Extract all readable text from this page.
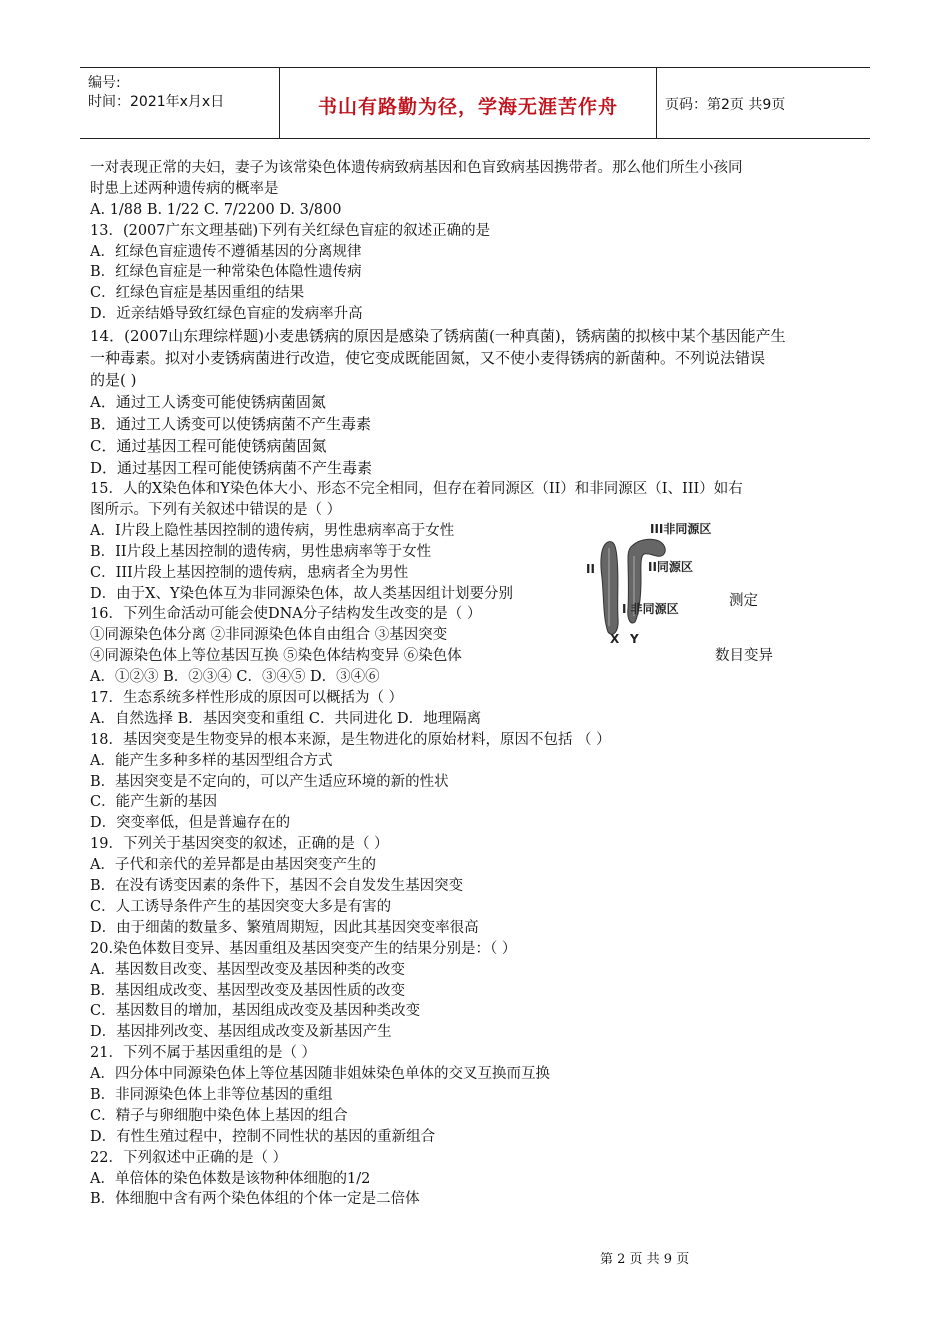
编号:
时间：2021年x月x日	书山有路勤为径，学海无涯苦作舟	页码：第2页 共9页
一对表现正常的夫妇，妻子为该常染色体遗传病致病基因和色盲致病基因携带者。那么他们所生小孩同
时患上述两种遗传病的概率是
A. 1/88 B. 1/22 C. 7/2200 D. 3/800
13．(2007广东文理基础)下列有关红绿色盲症的叙述正确的是
A．红绿色盲症遗传不遵循基因的分离规律
B．红绿色盲症是一种常染色体隐性遗传病
C．红绿色盲症是基因重组的结果
D．近亲结婚导致红绿色盲症的发病率升高
14．(2007山东理综样题)小麦患锈病的原因是感染了锈病菌(一种真菌)，锈病菌的拟核中某个基因能产生
一种毒素。拟对小麦锈病菌进行改造，使它变成既能固氮，又不使小麦得锈病的新菌种。不列说法错误
的是( )
A．通过工人诱变可能使锈病菌固氮
B．通过工人诱变可以使锈病菌不产生毒素
C．通过基因工程可能使锈病菌固氮
D．通过基因工程可能使锈病菌不产生毒素
15．人的X染色体和Y染色体大小、形态不完全相同，但存在着同源区（II）和非同源区（I、III）如右
图所示。下列有关叙述中错误的是（ ）
A．I片段上隐性基因控制的遗传病，男性患病率高于女性
B．II片段上基因控制的遗传病，男性患病率等于女性
C．III片段上基因控制的遗传病，患病者全为男性
D．由于X、Y染色体互为非同源染色体，故人类基因组计划要分别
16．下列生命活动可能会使DNA分子结构发生改变的是（ ）
①同源染色体分离 ②非同源染色体自由组合 ③基因突变
④同源染色体上等位基因互换 ⑤染色体结构变异 ⑥染色体	数目变异
A．①②③ B．②③④ C．③④⑤ D．③④⑥
17．生态系统多样性形成的原因可以概括为（ ）
A．自然选择 B．基因突变和重组 C．共同进化 D．地理隔离
18．基因突变是生物变异的根本来源，是生物进化的原始材料，原因不包括 （ ）
A．能产生多种多样的基因型组合方式
B．基因突变是不定向的，可以产生适应环境的新的性状
C．能产生新的基因
D．突变率低，但是普遍存在的
19．下列关于基因突变的叙述，正确的是（ ）
A．子代和亲代的差异都是由基因突变产生的
B．在没有诱变因素的条件下，基因不会自发发生基因突变
C．人工诱导条件产生的基因突变大多是有害的
D．由于细菌的数量多、繁殖周期短，因此其基因突变率很高
20.染色体数目变异、基因重组及基因突变产生的结果分别是：（ ）
A．基因数目改变、基因型改变及基因种类的改变
B．基因组成改变、基因型改变及基因性质的改变
C．基因数目的增加，基因组成改变及基因种类改变
D．基因排列改变、基因组成改变及新基因产生
21．下列不属于基因重组的是（ ）
A．四分体中同源染色体上等位基因随非姐妹染色单体的交叉互换而互换
B．非同源染色体上非等位基因的重组
C．精子与卵细胞中染色体上基因的组合
D．有性生殖过程中，控制不同性状的基因的重新组合
22．下列叙述中正确的是（ ）
A．单倍体的染色体数是该物种体细胞的1/2
B．体细胞中含有两个染色体组的个体一定是二倍体
测定
III非同源区
II同源区
II
I 非同源区
X Y
第 2 页 共 9 页
